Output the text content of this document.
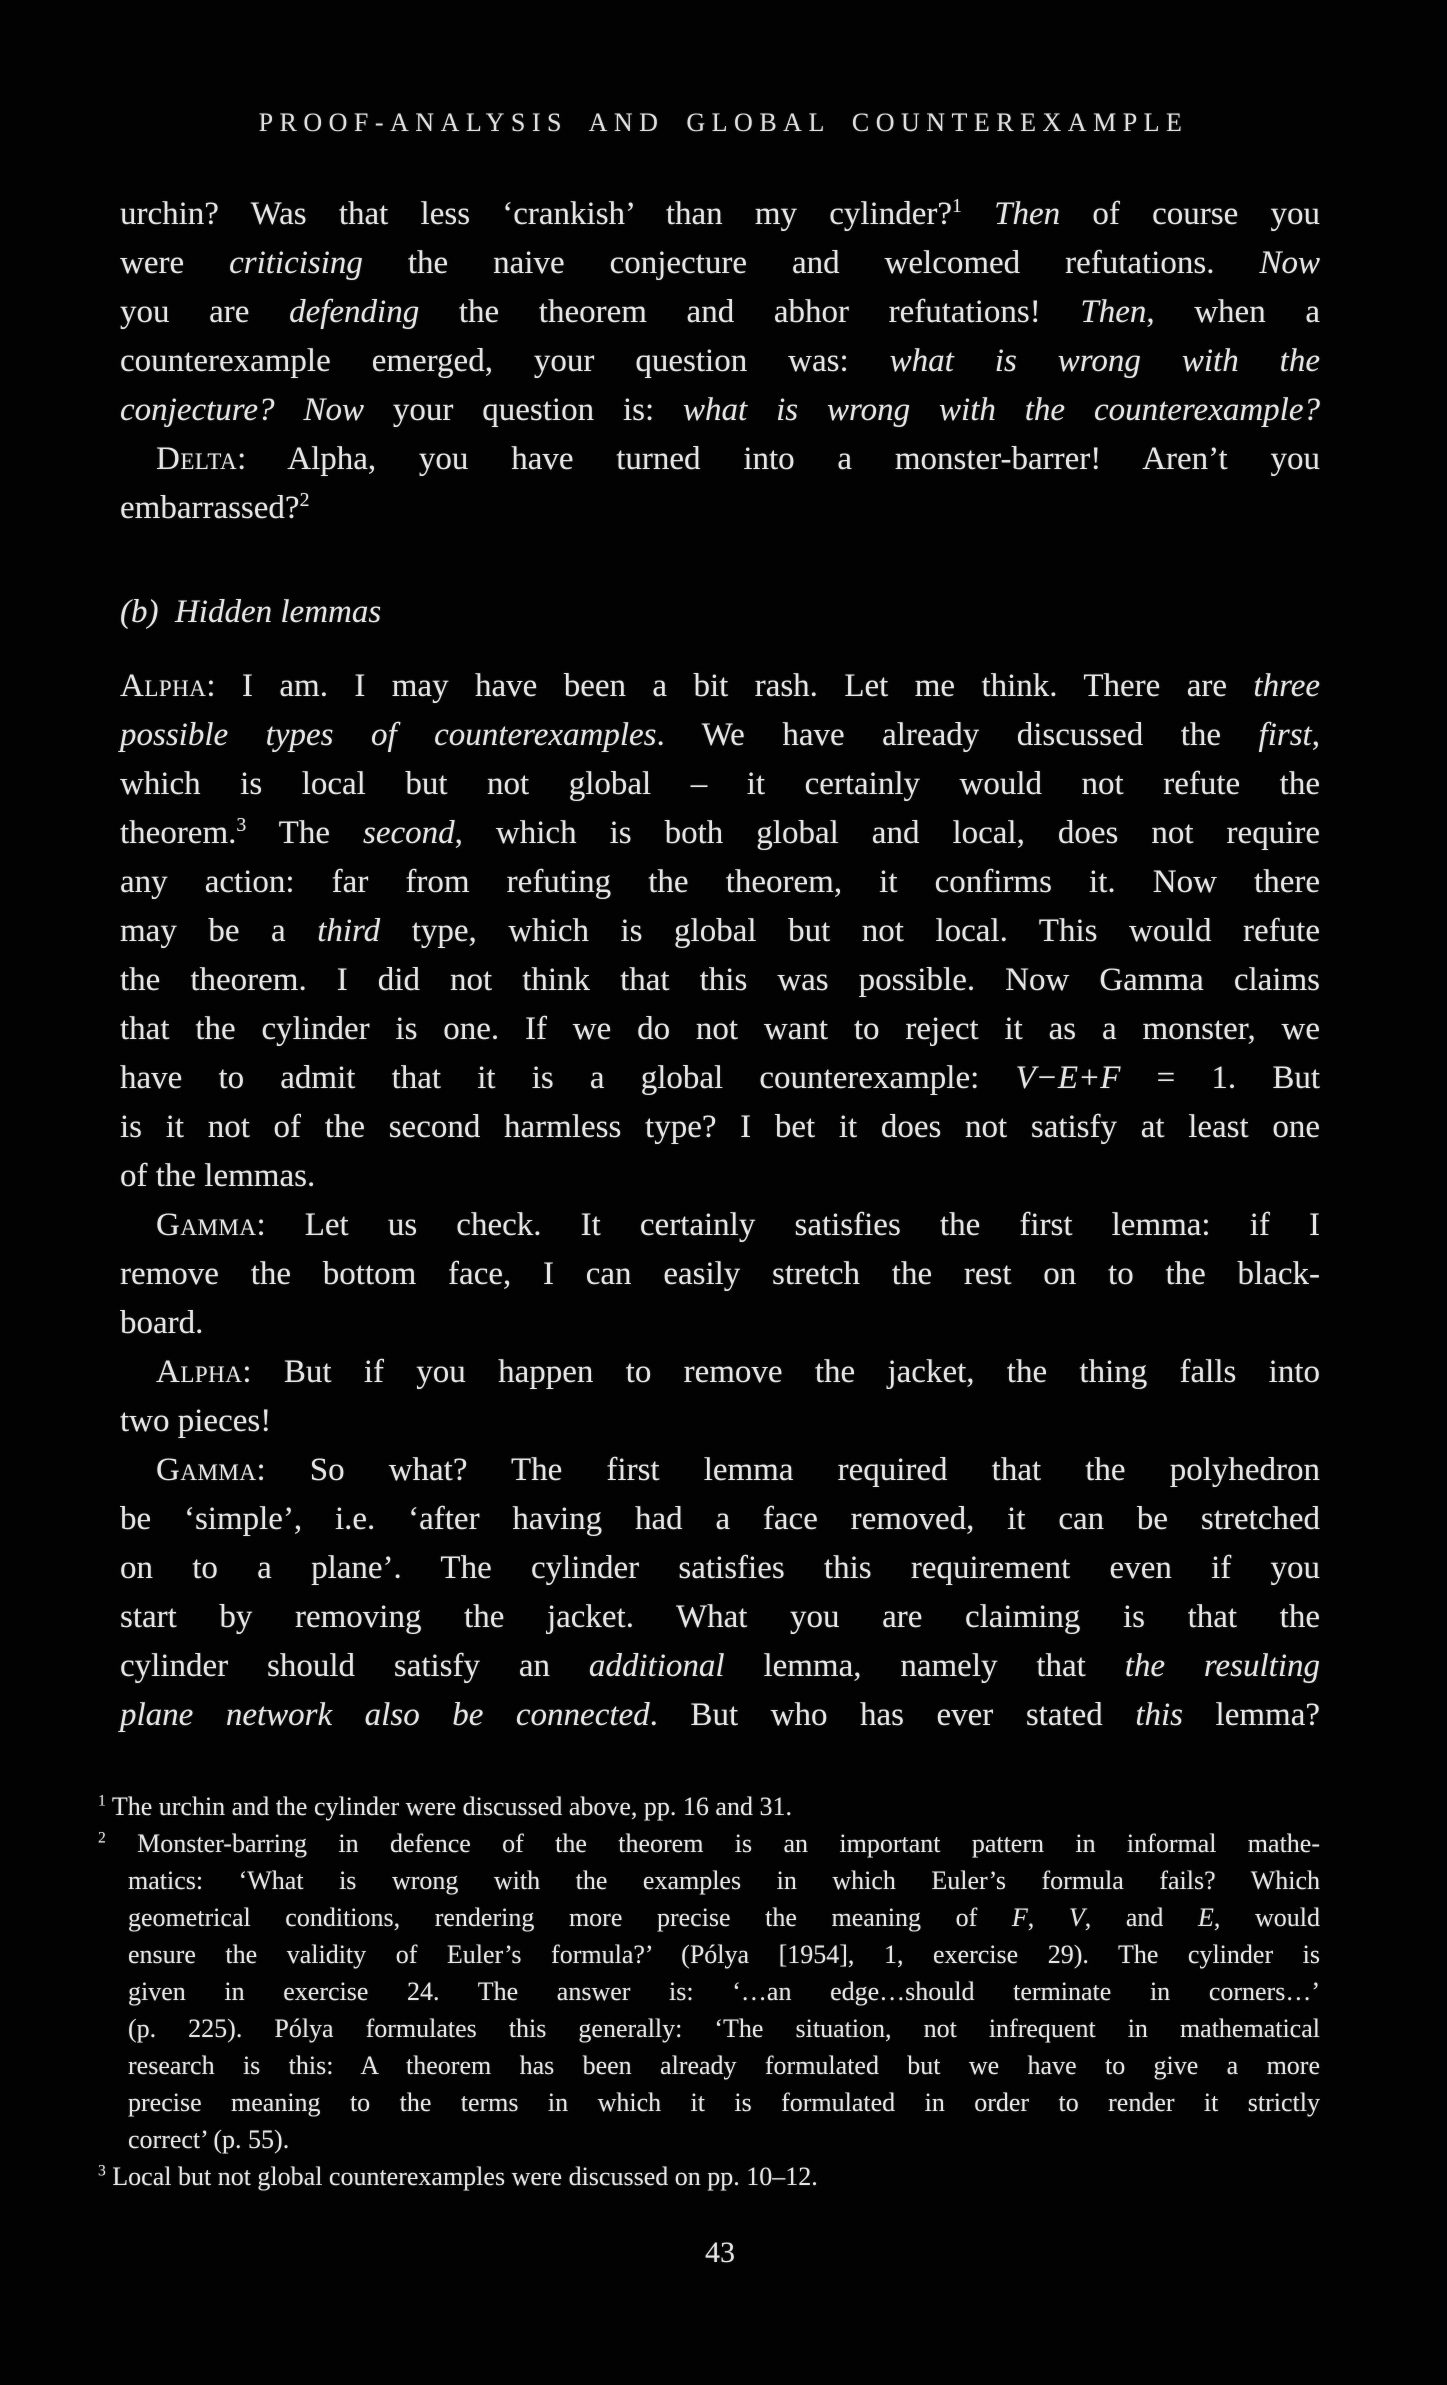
PROOF-ANALYSIS AND GLOBAL COUNTEREXAMPLE
urchin? Was that less ‘crankish’ than my cylinder?$^1$ Then of course you
were criticising the naive conjecture and welcomed refutations. Now
you are defending the theorem and abhor refutations! Then, when a
counterexample emerged, your question was: what is wrong with the
conjecture? Now your question is: what is wrong with the counterexample?
Delta: Alpha, you have turned into a monster-barrer! Aren’t you
embarrassed?$^2$
(b) Hidden lemmas
Alpha: I am. I may have been a bit rash. Let me think. There are three
possible types of counterexamples. We have already discussed the first,
which is local but not global – it certainly would not refute the
theorem.$^3$ The second, which is both global and local, does not require
any action: far from refuting the theorem, it confirms it. Now there
may be a third type, which is global but not local. This would refute
the theorem. I did not think that this was possible. Now Gamma claims
that the cylinder is one. If we do not want to reject it as a monster, we
have to admit that it is a global counterexample: V−E+F = 1. But
is it not of the second harmless type? I bet it does not satisfy at least one
of the lemmas.
Gamma: Let us check. It certainly satisfies the first lemma: if I
remove the bottom face, I can easily stretch the rest on to the black-
board.
Alpha: But if you happen to remove the jacket, the thing falls into
two pieces!
Gamma: So what? The first lemma required that the polyhedron
be ‘simple’, i.e. ‘after having had a face removed, it can be stretched
on to a plane’. The cylinder satisfies this requirement even if you
start by removing the jacket. What you are claiming is that the
cylinder should satisfy an additional lemma, namely that the resulting
plane network also be connected. But who has ever stated this lemma?
$^1$ The urchin and the cylinder were discussed above, pp. 16 and 31.
$^2$ Monster-barring in defence of the theorem is an important pattern in informal mathe-
matics: ‘What is wrong with the examples in which Euler’s formula fails? Which
geometrical conditions, rendering more precise the meaning of F, V, and E, would
ensure the validity of Euler’s formula?’ (Pólya [1954], 1, exercise 29). The cylinder is
given in exercise 24. The answer is: ‘…an edge…should terminate in corners…’
(p. 225). Pólya formulates this generally: ‘The situation, not infrequent in mathematical
research is this: A theorem has been already formulated but we have to give a more
precise meaning to the terms in which it is formulated in order to render it strictly
correct’ (p. 55).
$^3$ Local but not global counterexamples were discussed on pp. 10–12.
43
